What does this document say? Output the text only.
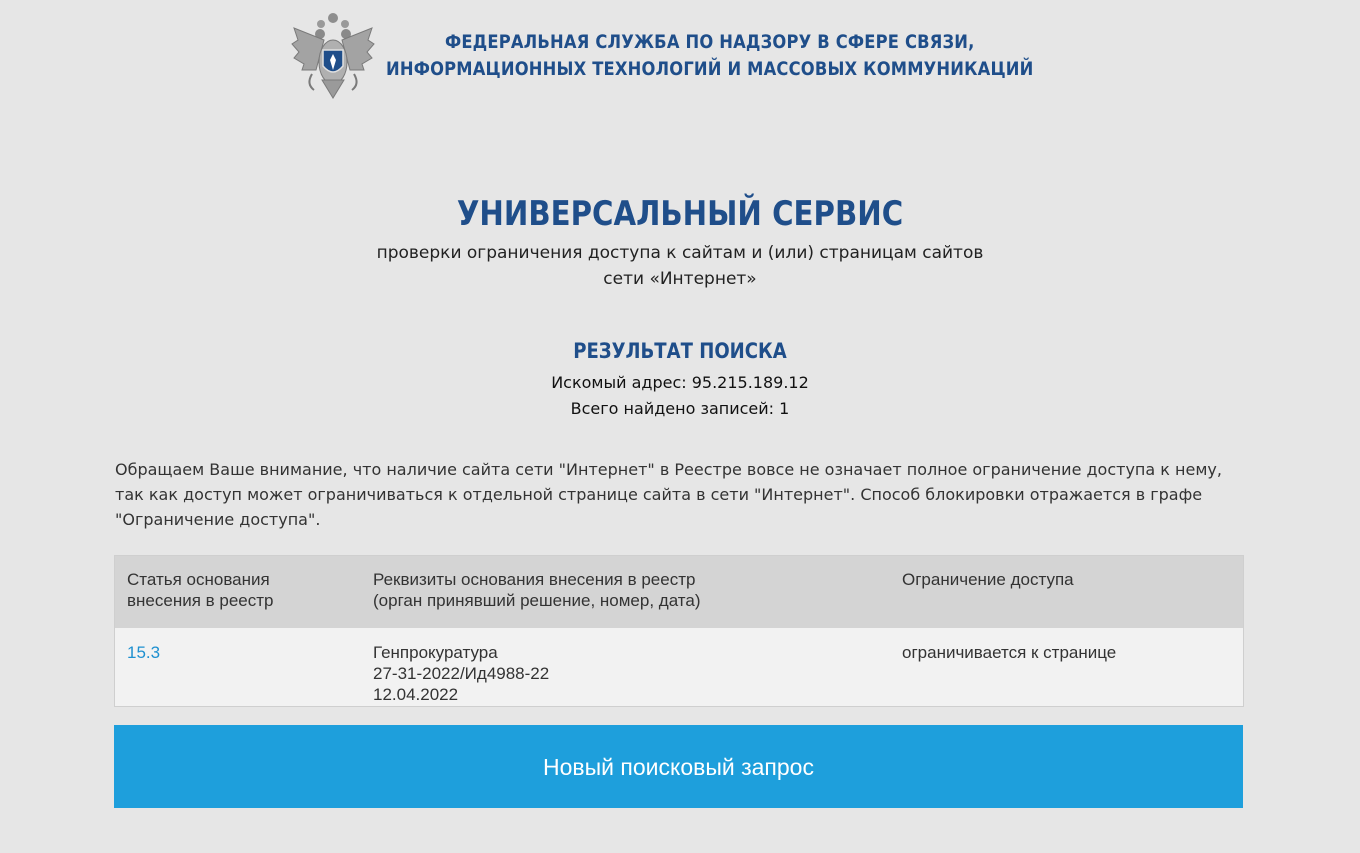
ФЕДЕРАЛЬНАЯ СЛУЖБА ПО НАДЗОРУ В СФЕРЕ СВЯЗИ,
ИНФОРМАЦИОННЫХ ТЕХНОЛОГИЙ И МАССОВЫХ КОММУНИКАЦИЙ
УНИВЕРСАЛЬНЫЙ СЕРВИС
проверки ограничения доступа к сайтам и (или) страницам сайтов
сети «Интернет»
РЕЗУЛЬТАТ ПОИСКА
Искомый адрес: 95.215.189.12
Всего найдено записей: 1
Обращаем Ваше внимание, что наличие сайта сети "Интернет" в Реестре вовсе не означает полное ограничение доступа к нему, так как доступ может ограничиваться к отдельной странице сайта в сети "Интернет". Способ блокировки отражается в графе "Ограничение доступа".
Статья основания
внесения в реестр
Реквизиты основания внесения в реестр
(орган принявший решение, номер, дата)
Ограничение доступа
15.3	Генпрокуратура
27-31-2022/Ид4988-22
12.04.2022
ограничивается к странице
Новый поисковый запрос
